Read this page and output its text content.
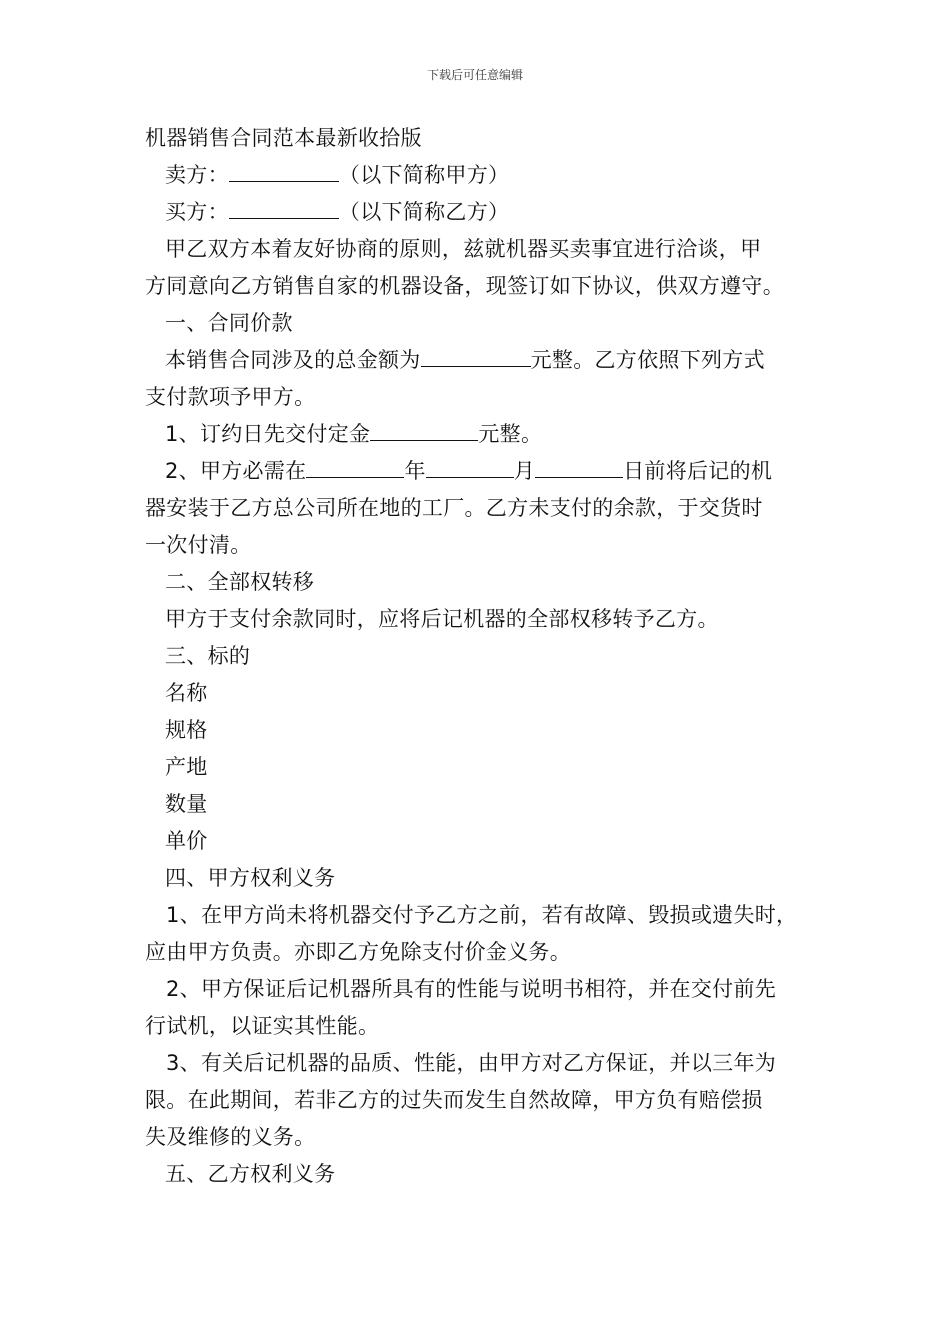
下载后可任意编辑
机器销售合同范本最新收拾版
卖方：	（以下简称甲方）
买方：	（以下简称乙方）
甲乙双方本着友好协商的原则，兹就机器买卖事宜进行洽谈，甲
方同意向乙方销售自家的机器设备，现签订如下协议，供双方遵守。
一、合同价款
本销售合同涉及的总金额为	元整。乙方依照下列方式
支付款项予甲方。
1、订约日先交付定金	元整。
2、甲方必需在	年	月	日前将后记的机
器安装于乙方总公司所在地的工厂。乙方未支付的余款，于交货时
一次付清。
二、全部权转移
甲方于支付余款同时，应将后记机器的全部权移转予乙方。
三、标的
名称
规格
产地
数量
单价
四、甲方权利义务
1、在甲方尚未将机器交付予乙方之前，若有故障、毁损或遗失时，
应由甲方负责。亦即乙方免除支付价金义务。
2、甲方保证后记机器所具有的性能与说明书相符，并在交付前先
行试机，以证实其性能。
3、有关后记机器的品质、性能，由甲方对乙方保证，并以三年为
限。在此期间，若非乙方的过失而发生自然故障，甲方负有赔偿损
失及维修的义务。
五、乙方权利义务
